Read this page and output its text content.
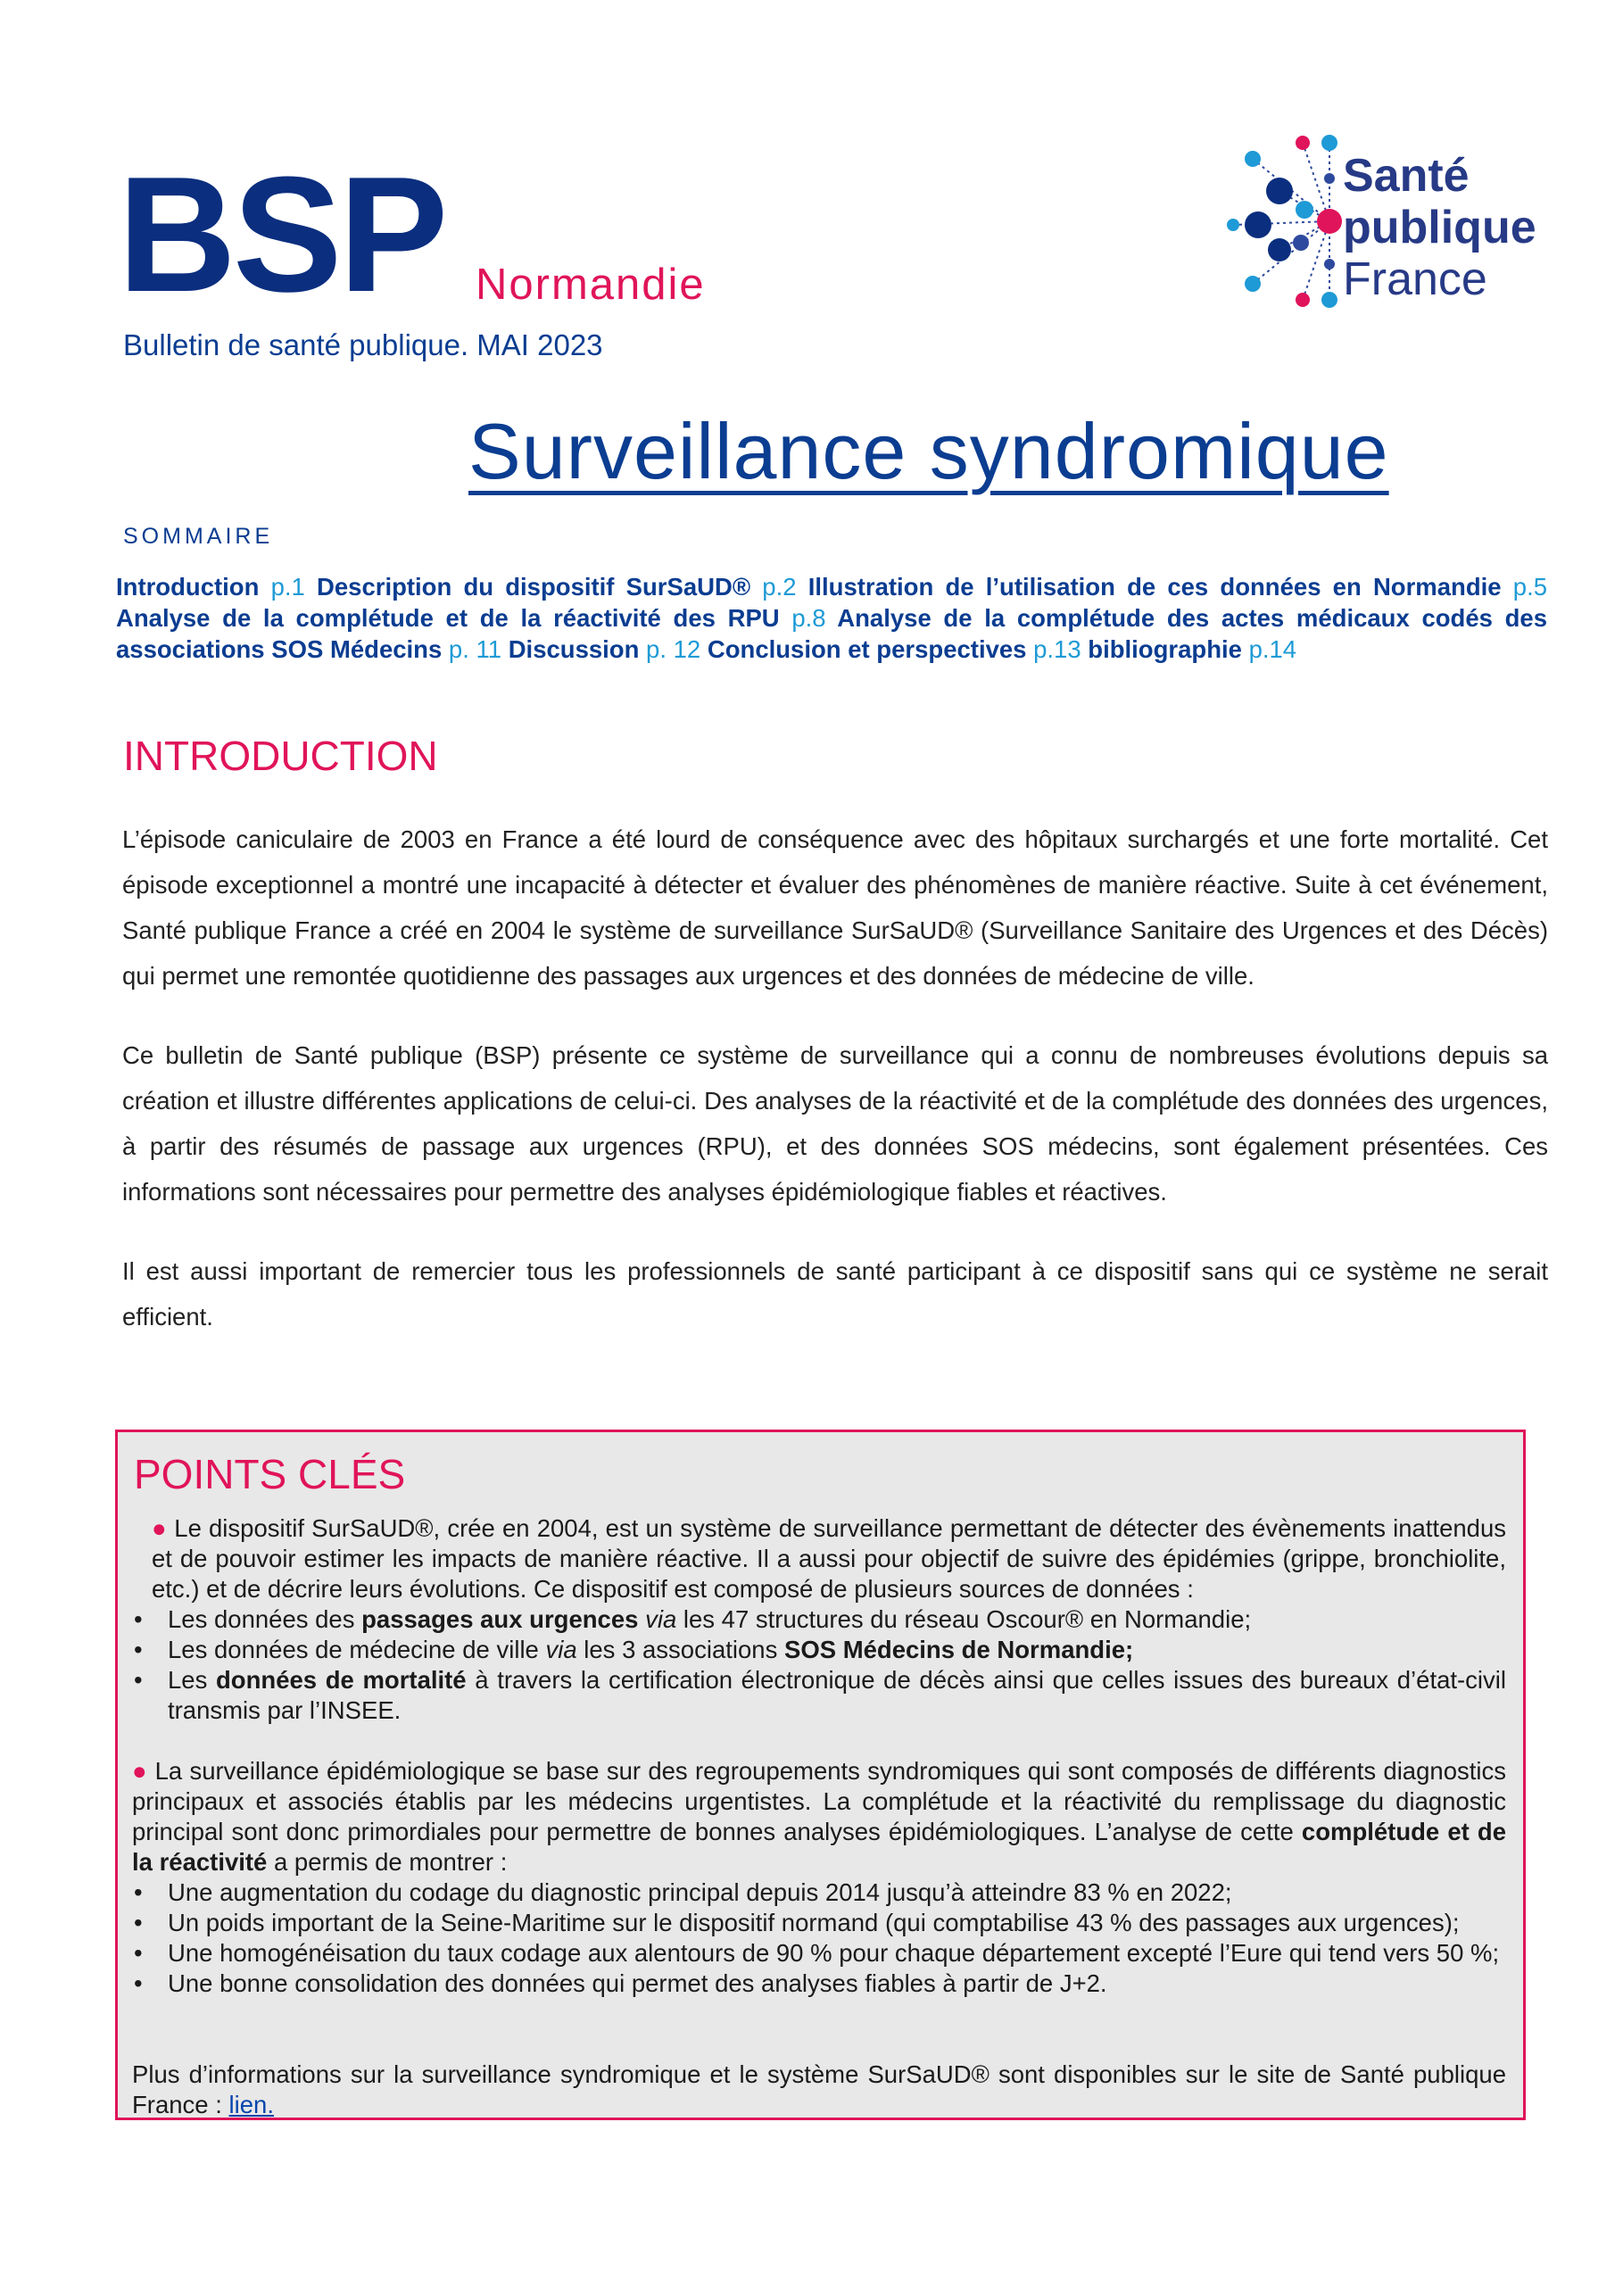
BSP Normandie
Bulletin de santé publique. MAI 2023
Santé
publique
France
Surveillance syndromique
SOMMAIRE
Introduction p.1 Description du dispositif SurSaUD® p.2 Illustration de l’utilisation de ces données en Normandie p.5 Analyse de la complétude et de la réactivité des RPU p.8 Analyse de la complétude des actes médicaux codés des associations SOS Médecins p. 11 Discussion p. 12 Conclusion et perspectives p.13 bibliographie p.14
INTRODUCTION
L’épisode caniculaire de 2003 en France a été lourd de conséquence avec des hôpitaux surchargés et une forte mortalité. Cet épisode exceptionnel a montré une incapacité à détecter et évaluer des phénomènes de manière réactive. Suite à cet événement, Santé publique France a créé en 2004 le système de surveillance SurSaUD® (Surveillance Sanitaire des Urgences et des Décès) qui permet une remontée quotidienne des passages aux urgences et des données de médecine de ville.
Ce bulletin de Santé publique (BSP) présente ce système de surveillance qui a connu de nombreuses évolutions depuis sa création et illustre différentes applications de celui-ci. Des analyses de la réactivité et de la complétude des données des urgences, à partir des résumés de passage aux urgences (RPU), et des données SOS médecins, sont également présentées. Ces informations sont nécessaires pour permettre des analyses épidémiologique fiables et réactives.
Il est aussi important de remercier tous les professionnels de santé participant à ce dispositif sans qui ce système ne serait efficient.
POINTS CLÉS

● Le dispositif SurSaUD®, crée en 2004, est un système de surveillance permettant de détecter des évènements inattendus et de pouvoir estimer les impacts de manière réactive. Il a aussi pour objectif de suivre des épidémies (grippe, bronchiolite, etc.) et de décrire leurs évolutions. Ce dispositif est composé de plusieurs sources de données :

• Les données des passages aux urgences via les 47 structures du réseau Oscour® en Normandie;
• Les données de médecine de ville via les 3 associations SOS Médecins de Normandie;
• Les données de mortalité à travers la certification électronique de décès ainsi que celles issues des bureaux d’état-civil transmis par l’INSEE.

● La surveillance épidémiologique se base sur des regroupements syndromiques qui sont composés de différents diagnostics principaux et associés établis par les médecins urgentistes. La complétude et la réactivité du remplissage du diagnostic principal sont donc primordiales pour permettre de bonnes analyses épidémiologiques. L’analyse de cette complétude et de la réactivité a permis de montrer :

• Une augmentation du codage du diagnostic principal depuis 2014 jusqu’à atteindre 83 % en 2022;
• Un poids important de la Seine-Maritime sur le dispositif normand (qui comptabilise 43 % des passages aux urgences);
• Une homogénéisation du taux codage aux alentours de 90 % pour chaque département excepté l’Eure qui tend vers 50 %;
• Une bonne consolidation des données qui permet des analyses fiables à partir de J+2.

Plus d’informations sur la surveillance syndromique et le système SurSaUD® sont disponibles sur le site de Santé publique France : lien.
